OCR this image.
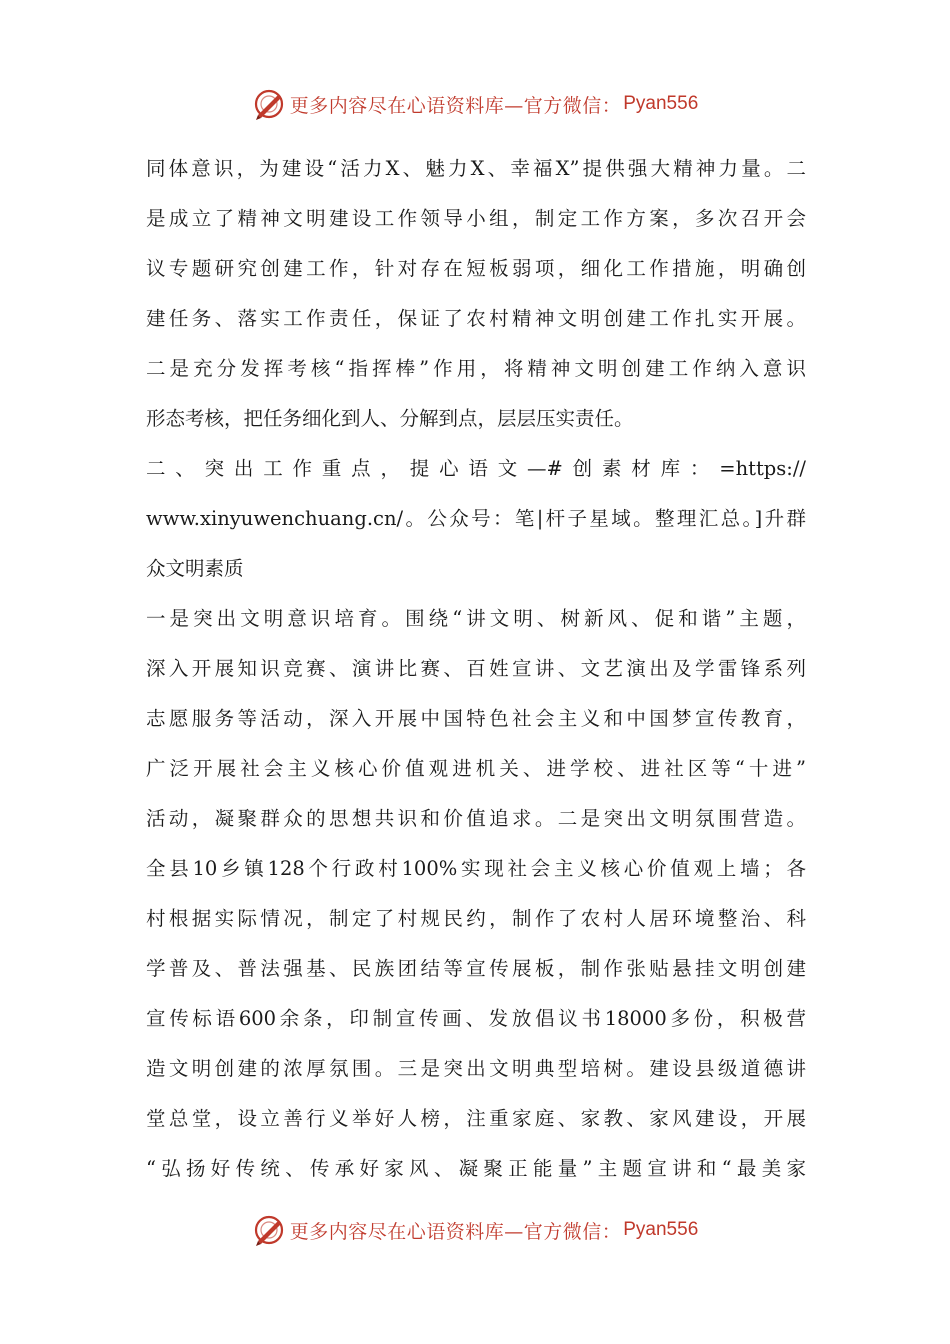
更多内容尽在心语资料库—官方微信： Pyan556
同体意识，为建设“活力X、魅力X、幸福X”提供强大精神力量。二
是成立了精神文明建设工作领导小组，制定工作方案，多次召开会
议专题研究创建工作，针对存在短板弱项，细化工作措施，明确创
建任务、落实工作责任，保证了农村精神文明创建工作扎实开展。
二是充分发挥考核“指挥棒”作用，将精神文明创建工作纳入意识
形态考核，把任务细化到人、分解到点，层层压实责任。
二、突出工作重点，提心语文—#创素材库：=https://
www.xinyuwenchuang.cn/。公众号：笔|杆子星域。整理汇总。]升群
众文明素质
一是突出文明意识培育。围绕“讲文明、树新风、促和谐”主题，
深入开展知识竞赛、演讲比赛、百姓宣讲、文艺演出及学雷锋系列
志愿服务等活动，深入开展中国特色社会主义和中国梦宣传教育，
广泛开展社会主义核心价值观进机关、进学校、进社区等“十进”
活动，凝聚群众的思想共识和价值追求。二是突出文明氛围营造。
全县10乡镇128个行政村100%实现社会主义核心价值观上墙；各
村根据实际情况，制定了村规民约，制作了农村人居环境整治、科
学普及、普法强基、民族团结等宣传展板，制作张贴悬挂文明创建
宣传标语600余条，印制宣传画、发放倡议书18000多份，积极营
造文明创建的浓厚氛围。三是突出文明典型培树。建设县级道德讲
堂总堂，设立善行义举好人榜，注重家庭、家教、家风建设，开展
“弘扬好传统、传承好家风、凝聚正能量”主题宣讲和“最美家
更多内容尽在心语资料库—官方微信： Pyan556
